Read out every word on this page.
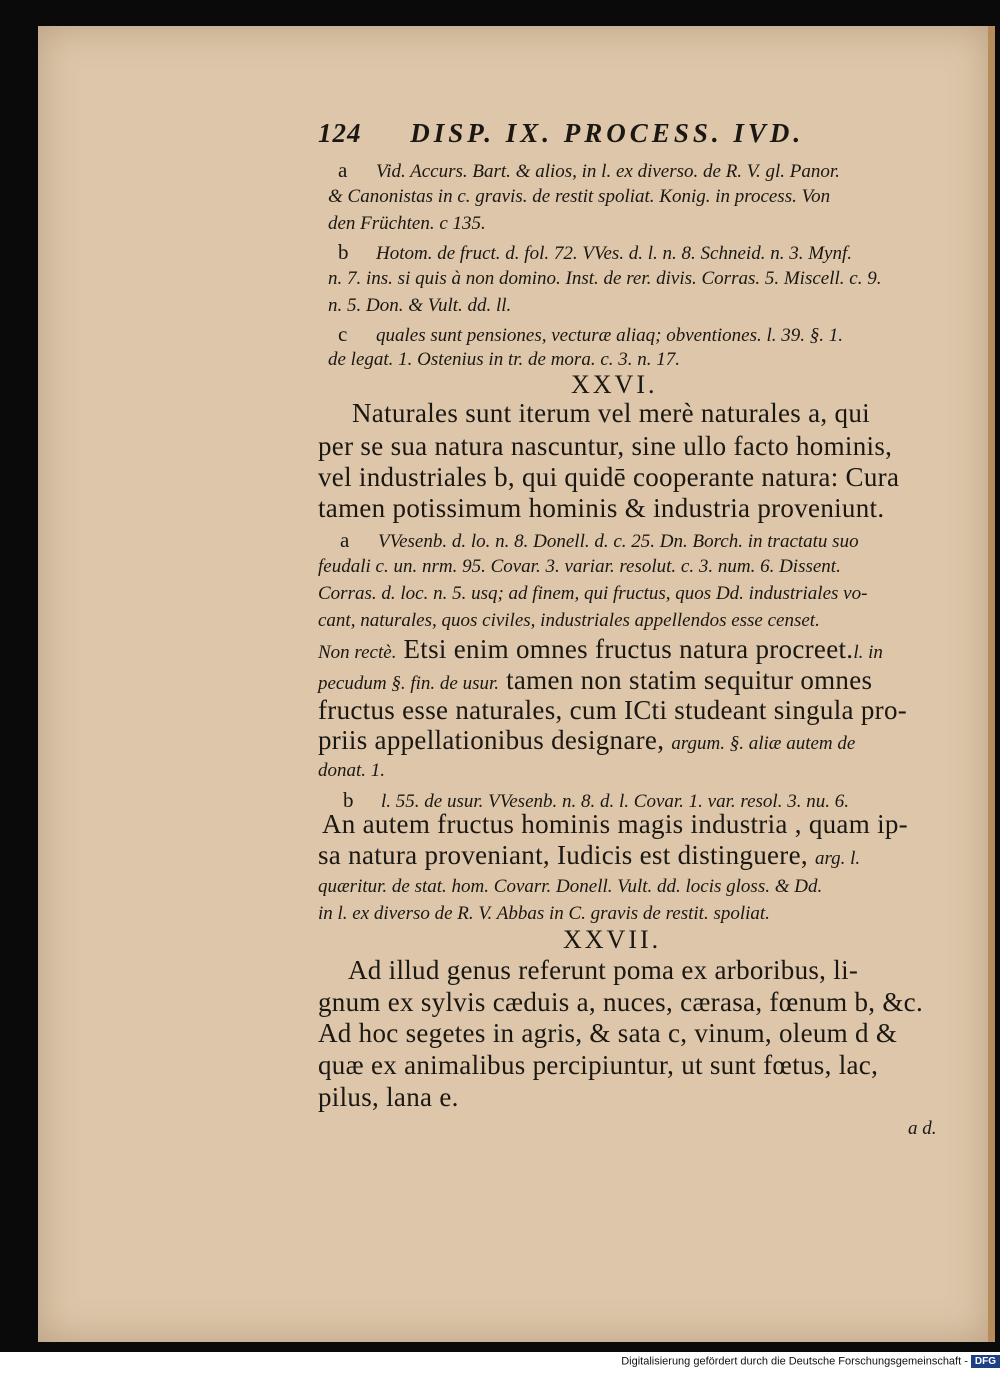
124 DISP. IX. PROCESS. IVD.
a Vid. Accurs. Bart. & alios, in l. ex diverso. de R. V. gl. Panor.
& Canonistas in c. gravis. de restit spoliat. Konig. in process. Von
den Früchten. c 135.
b Hotom. de fruct. d. fol. 72. VVes. d. l. n. 8. Schneid. n. 3. Mynf.
n. 7. ins. si quis à non domino. Inst. de rer. divis. Corras. 5. Miscell. c. 9.
n. 5. Don. & Vult. dd. ll.
c quales sunt pensiones, vecturæ aliaq; obventiones. l. 39. §. 1.
de legat. 1. Ostenius in tr. de mora. c. 3. n. 17.
XXVI.
Naturales sunt iterum vel merè naturales a, qui
per se sua natura nascuntur, sine ullo facto hominis,
vel industriales b, qui quidē cooperante natura: Cura
tamen potissimum hominis & industria proveniunt.
a VVesenb. d. lo. n. 8. Donell. d. c. 25. Dn. Borch. in tractatu suo
feudali c. un. nrm. 95. Covar. 3. variar. resolut. c. 3. num. 6. Dissent.
Corras. d. loc. n. 5. usq; ad finem, qui fructus, quos Dd. industriales vo-
cant, naturales, quos civiles, industriales appellendos esse censet.
Non rectè. Etsi enim omnes fructus natura procreet.l. in
pecudum §. fin. de usur. tamen non statim sequitur omnes
fructus esse naturales, cum ICti studeant singula pro-
priis appellationibus designare, argum. §. aliæ autem de
donat. 1.
b l. 55. de usur. VVesenb. n. 8. d. l. Covar. 1. var. resol. 3. nu. 6.
An autem fructus hominis magis industria , quam ip-
sa natura proveniant, Iudicis est distinguere, arg. l.
quæritur. de stat. hom. Covarr. Donell. Vult. dd. locis gloss. & Dd.
in l. ex diverso de R. V. Abbas in C. gravis de restit. spoliat.
XXVII.
Ad illud genus referunt poma ex arboribus, li-
gnum ex sylvis cæduis a, nuces, cærasa, fœnum b, &c.
Ad hoc segetes in agris, & sata c, vinum, oleum d &
quæ ex animalibus percipiuntur, ut sunt fœtus, lac,
pilus, lana e.
a d.
Digitalisierung gefördert durch die Deutsche Forschungsgemeinschaft - DFG
